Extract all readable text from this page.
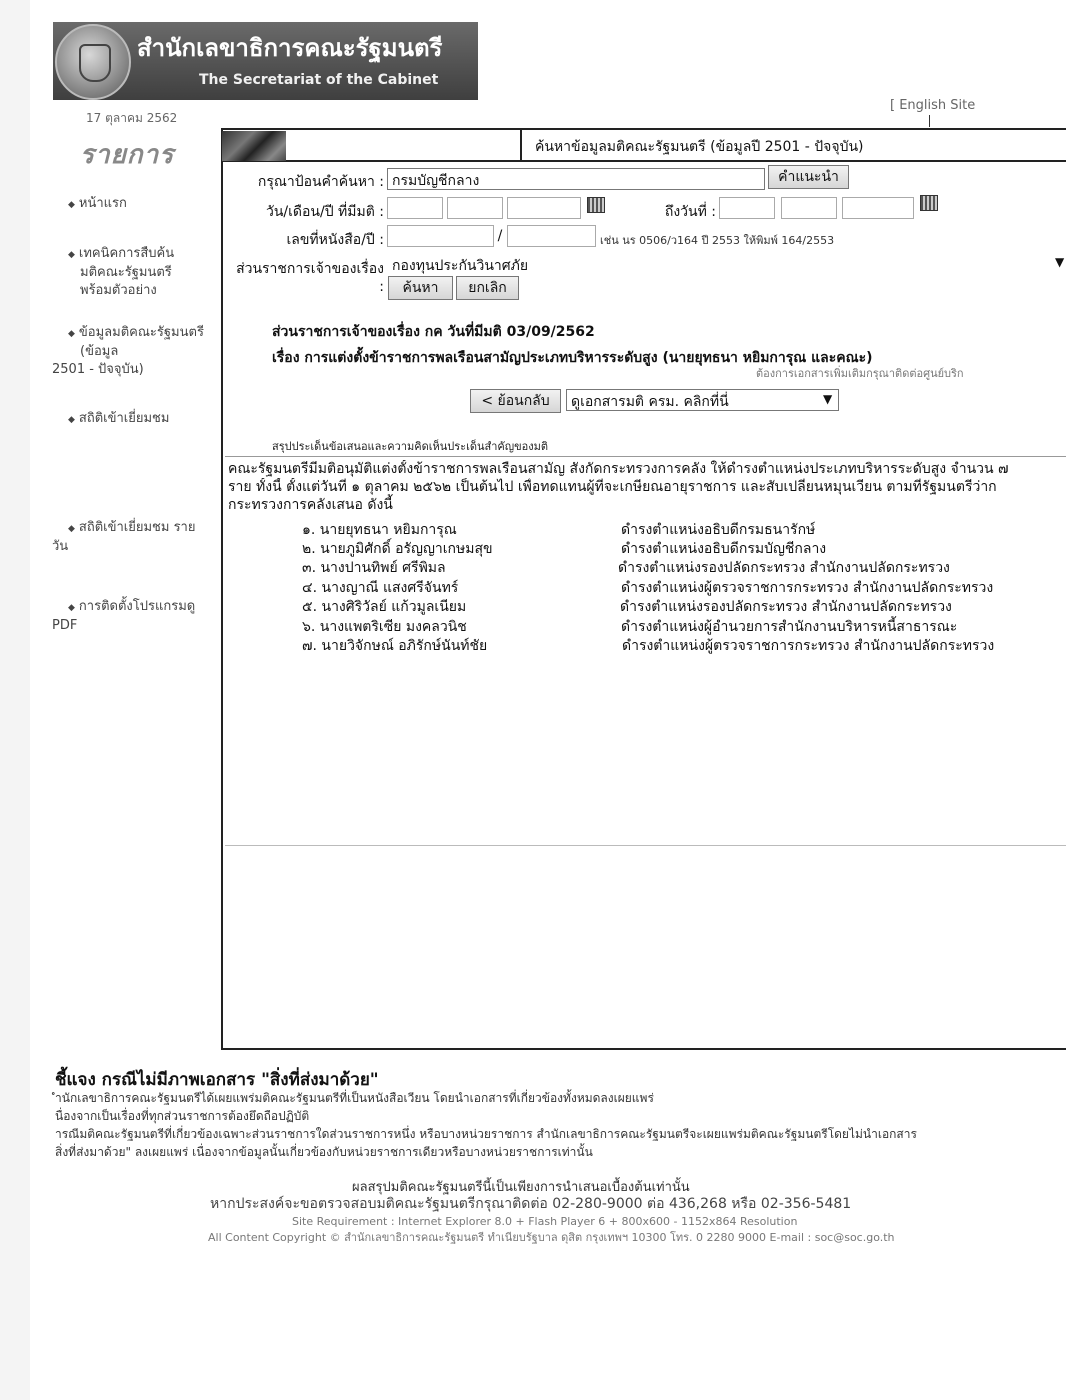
สำนักเลขาธิการคณะรัฐมนตรี
The Secretariat of the Cabinet
17 ตุลาคม 2562
[ English Site
รายการ
◆ หน้าแรก
◆ เทคนิคการสืบค้น
มติคณะรัฐมนตรี
พร้อมตัวอย่าง
◆ ข้อมูลมติคณะรัฐมนตรี
(ข้อมูล
2501 - ปัจจุบัน)
◆ สถิติเข้าเยี่ยมชม
◆ สถิติเข้าเยี่ยมชม ราย
วัน
◆ การติดตั้งโปรแกรมดู
PDF
ค้นหาข้อมูลมติคณะรัฐมนตรี (ข้อมูลปี 2501 - ปัจจุบัน)
กรุณาป้อนคำค้นหา : กรมบัญชีกลาง	คำแนะนำ
วัน/เดือน/ปี ที่มีมติ :	ถึงวันที่ :
เลขที่หนังสือ/ปี :	/	เช่น นร 0506/ว164 ปี 2553 ให้พิมพ์ 164/2553
ส่วนราชการเจ้าของเรื่อง กองทุนประกันวินาศภัย	▼
:	ค้นหา	ยกเลิก
ส่วนราชการเจ้าของเรื่อง กค วันที่มีมติ 03/09/2562
เรื่อง การแต่งตั้งข้าราชการพลเรือนสามัญประเภทบริหารระดับสูง (นายยุทธนา หยิมการุณ และคณะ)
ต้องการเอกสารเพิ่มเติมกรุณาติดต่อศูนย์บริก
< ย้อนกลับ	ดูเอกสารมติ ครม. คลิกที่นี่	▼
สรุปประเด็นข้อเสนอและความคิดเห็นประเด็นสำคัญของมติ
คณะรัฐมนตรีมีมติอนุมัติแต่งตั้งข้าราชการพลเรือนสามัญ สังกัดกระทรวงการคลัง ให้ดำรงตำแหน่งประเภทบริหารระดับสูง จำนวน ๗
ราย ทั้งนี้ ตั้งแต่วันที่ ๑ ตุลาคม ๒๕๖๒ เป็นต้นไป เพื่อทดแทนผู้ที่จะเกษียณอายุราชการ และสับเปลี่ยนหมุนเวียน ตามที่รัฐมนตรีว่าก
กระทรวงการคลังเสนอ ดังนี้
๑. นายยุทธนา หยิมการุณ	ดำรงตำแหน่งอธิบดีกรมธนารักษ์
๒. นายภูมิศักดิ์ อรัญญาเกษมสุข	ดำรงตำแหน่งอธิบดีกรมบัญชีกลาง
๓. นางปานทิพย์ ศรีพิมล	ดำรงตำแหน่งรองปลัดกระทรวง สำนักงานปลัดกระทรวง
๔. นางญาณี แสงศรีจันทร์	ดำรงตำแหน่งผู้ตรวจราชการกระทรวง สำนักงานปลัดกระทรวง
๕. นางศิริวัลย์ แก้วมูลเนียม	ดำรงตำแหน่งรองปลัดกระทรวง สำนักงานปลัดกระทรวง
๖. นางแพตริเซีย มงคลวนิช	ดำรงตำแหน่งผู้อำนวยการสำนักงานบริหารหนี้สาธารณะ
๗. นายวิจักษณ์ อภิรักษ์นันท์ชัย	ดำรงตำแหน่งผู้ตรวจราชการกระทรวง สำนักงานปลัดกระทรวง
ชี้แจง กรณีไม่มีภาพเอกสาร "สิ่งที่ส่งมาด้วย"
ำนักเลขาธิการคณะรัฐมนตรีได้เผยแพร่มติคณะรัฐมนตรีที่เป็นหนังสือเวียน โดยนำเอกสารที่เกี่ยวข้องทั้งหมดลงเผยแพร่
นื่องจากเป็นเรื่องที่ทุกส่วนราชการต้องยึดถือปฏิบัติ
ารณีมติคณะรัฐมนตรีที่เกี่ยวข้องเฉพาะส่วนราชการใดส่วนราชการหนึ่ง หรือบางหน่วยราชการ สำนักเลขาธิการคณะรัฐมนตรีจะเผยแพร่มติคณะรัฐมนตรีโดยไม่นำเอกสาร
สิ่งที่ส่งมาด้วย" ลงเผยแพร่ เนื่องจากข้อมูลนั้นเกี่ยวข้องกับหน่วยราชการเดียวหรือบางหน่วยราชการเท่านั้น
ผลสรุปมติคณะรัฐมนตรีนี้เป็นเพียงการนำเสนอเบื้องต้นเท่านั้น
หากประสงค์จะขอตรวจสอบมติคณะรัฐมนตรีกรุณาติดต่อ 02-280-9000 ต่อ 436,268 หรือ 02-356-5481
Site Requirement : Internet Explorer 8.0 + Flash Player 6 + 800x600 - 1152x864 Resolution
All Content Copyright © สำนักเลขาธิการคณะรัฐมนตรี ทำเนียบรัฐบาล ดุสิต กรุงเทพฯ 10300 โทร. 0 2280 9000 E-mail : soc@soc.go.th
